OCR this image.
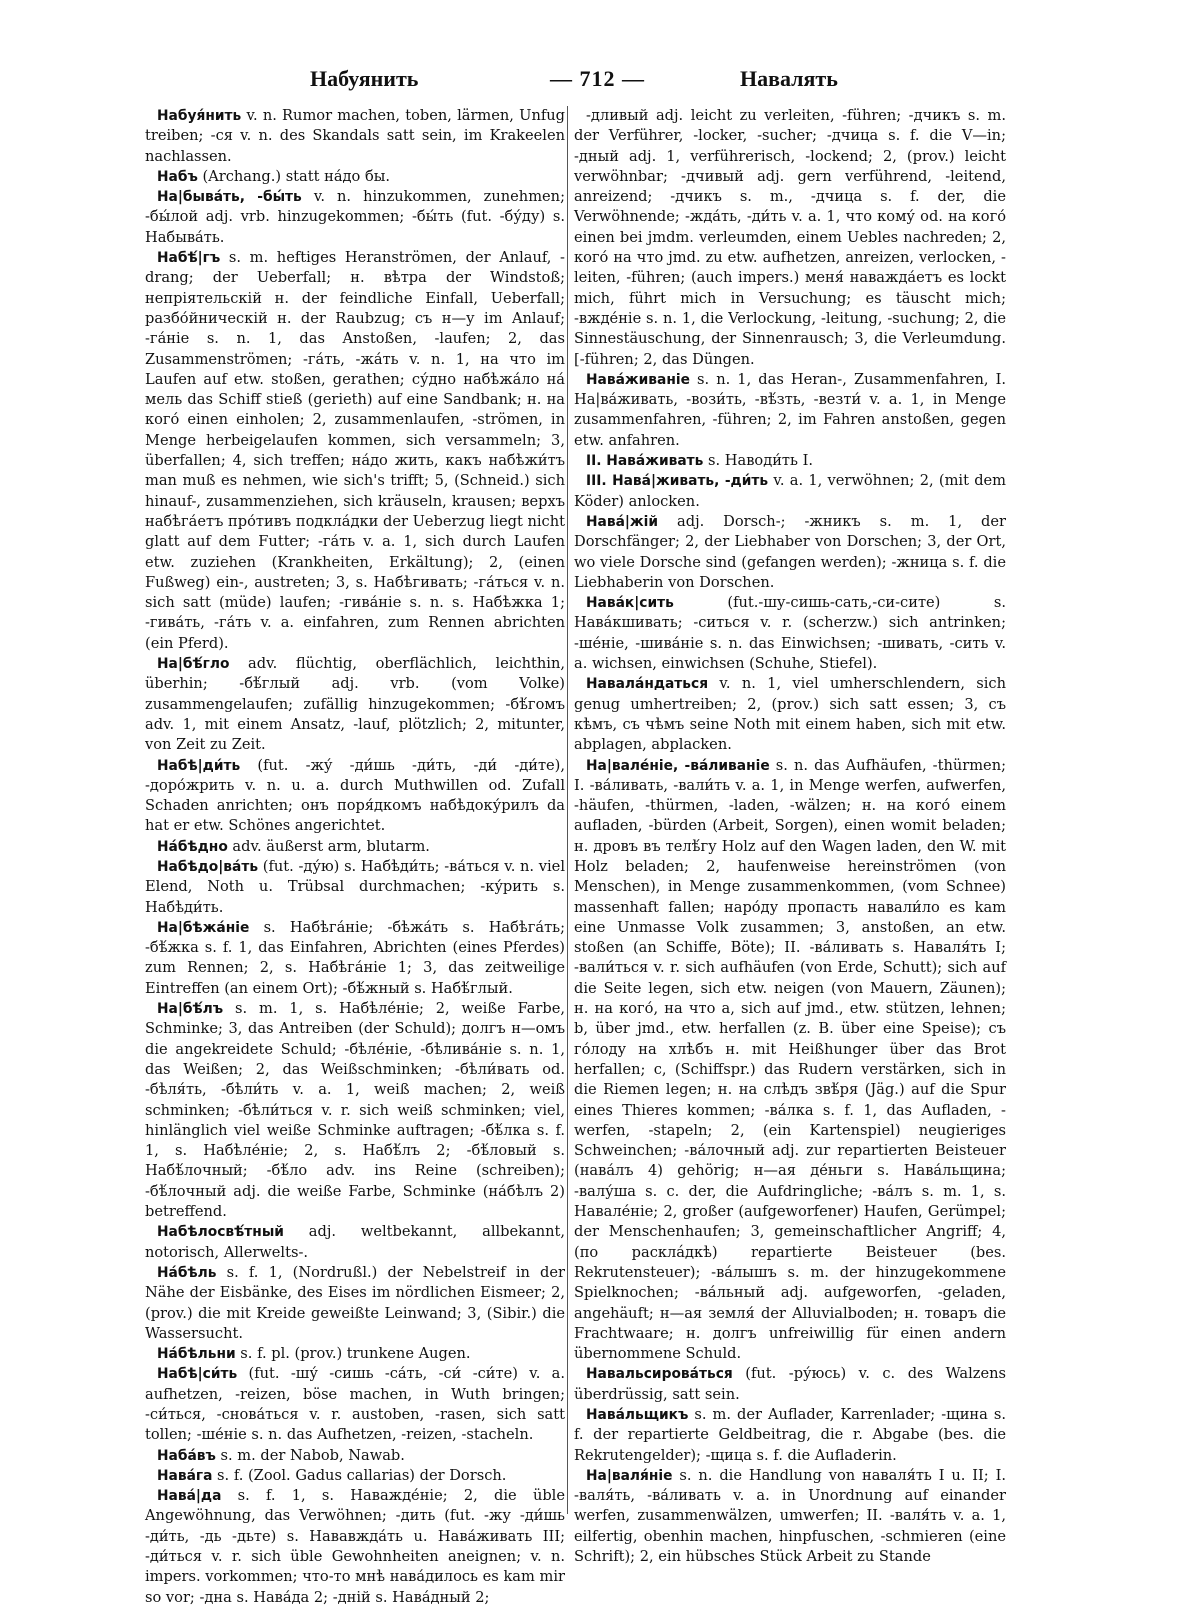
Набуянить	— 712 —	Навалять

Набуя́нить v. n. Rumor machen, toben, lärmen, Unfug treiben; -ся v. n. des Skandals satt sein, im Krakeelen nachlassen.

Набъ (Archang.) statt на́до бы.

На|быва́ть, -бы́ть v. n. hinzukommen, zunehmen; -бы́лой adj. vrb. hinzugekommen; -бы́ть (fut. -бу́ду) s. Набыва́ть.

Набѣ́|гъ s. m. heftiges Heranströmen, der Anlauf, -drang; der Ueberfall; н. вѣтра der Windstoß; непріятельскій н. der feindliche Einfall, Ueberfall; разбо́йническій н. der Raubzug; съ н—у im Anlauf; -га́ніе s. n. 1, das Anstoßen, -laufen; 2, das Zusammenströmen; -га́ть, -жа́ть v. n. 1, на что im Laufen auf etw. stoßen, gerathen; су́дно набѣжа́ло на́ мель das Schiff stieß (gerieth) auf eine Sandbank; н. на кого́ einen einholen; 2, zusammenlaufen, -strömen, in Menge herbeigelaufen kommen, sich versammeln; 3, überfallen; 4, sich treffen; на́до жить, какъ набѣжи́тъ man muß es nehmen, wie sich's trifft; 5, (Schneid.) sich hinauf-, zusammenziehen, sich kräuseln, krausen; верхъ набѣга́етъ про́тивъ подкла́дки der Ueberzug liegt nicht glatt auf dem Futter; -га́ть v. a. 1, sich durch Laufen etw. zuziehen (Krankheiten, Erkältung); 2, (einen Fußweg) ein-, austreten; 3, s. Набѣгивать; -га́ться v. n. sich satt (müde) laufen; -гива́ніе s. n. s. Набѣжка 1; -гива́ть, -га́ть v. a. einfahren, zum Rennen abrichten (ein Pferd).

На|бѣ́гло adv. flüchtig, oberflächlich, leichthin, überhin; -бѣ́глый adj. vrb. (vom Volke) zusammengelaufen; zufällig hinzugekommen; -бѣ́гомъ adv. 1, mit einem Ansatz, -lauf, plötzlich; 2, mitunter, von Zeit zu Zeit.

Набѣ|ди́ть (fut. -жу́ -ди́шь -ди́ть, -ди́ -ди́те), -доро́жрить v. n. u. a. durch Muthwillen od. Zufall Schaden anrichten; онъ поря́дкомъ набѣдоку́рилъ da hat er etw. Schönes angerichtet.

На́бѣдно adv. äußerst arm, blutarm.

Набѣдо|ва́ть (fut. -ду́ю) s. Набѣди́ть; -ва́ться v. n. viel Elend, Noth u. Trübsal durchmachen; -ку́рить s. Набѣди́ть.

На|бѣжа́ніе s. Набѣга́ніе; -бѣжа́ть s. Набѣга́ть; -бѣ́жка s. f. 1, das Einfahren, Abrichten (eines Pferdes) zum Rennen; 2, s. Набѣга́ніе 1; 3, das zeitweilige Eintreffen (an einem Ort); -бѣ́жный s. Набѣ́глый.

На|бѣ́лъ s. m. 1, s. Набѣле́ніе; 2, weiße Farbe, Schminke; 3, das Antreiben (der Schuld); долгъ н—омъ die angekreidete Schuld; -бѣле́ніе, -бѣлива́ніе s. n. 1, das Weißen; 2, das Weißschminken; -бѣли́вать od. -бѣля́ть, -бѣли́ть v. a. 1, weiß machen; 2, weiß schminken; -бѣли́ться v. r. sich weiß schminken; viel, hinlänglich viel weiße Schminke auftragen; -бѣ́лка s. f. 1, s. Набѣле́ніе; 2, s. Набѣ́лъ 2; -бѣ́ловый s. Набѣ́лочный; -бѣ́ло adv. ins Reine (schreiben); -бѣ́лочный adj. die weiße Farbe, Schminke (на́бѣлъ 2) betreffend.

Набѣлосвѣ́тный adj. weltbekannt, allbekannt, notorisch, Allerwelts-.

На́бѣль s. f. 1, (Nordrußl.) der Nebelstreif in der Nähe der Eisbänke, des Eises im nördlichen Eismeer; 2, (prov.) die mit Kreide geweißte Leinwand; 3, (Sibir.) die Wassersucht.

На́бѣльни s. f. pl. (prov.) trunkene Augen.

Набѣ|си́ть (fut. -шу́ -сишь -са́ть, -си́ -си́те) v. a. aufhetzen, -reizen, böse machen, in Wuth bringen; -си́ться, -снова́ться v. r. austoben, -rasen, sich satt tollen; -ше́ніе s. n. das Aufhetzen, -reizen, -stacheln.

Наба́въ s. m. der Nabob, Nawab.

Нава́га s. f. (Zool. Gadus callarias) der Dorsch.

Нава́|да s. f. 1, s. Наважде́ніе; 2, die üble Angewöhnung, das Verwöhnen; -дить (fut. -жу -ди́шь -ди́ть, -дь -дьте) s. Нававжда́ть u. Нава́живать III; -ди́ться v. r. sich üble Gewohnheiten aneignen; v. n. impers. vorkommen; что-то мнѣ нава́дилось es kam mir so vor; -дна s. Нава́да 2; -дній s. Нава́дный 2;

-дливый adj. leicht zu verleiten, -führen; -дчикъ s. m. der Verführer, -locker, -sucher; -дчица s. f. die V—in; -дный adj. 1, verführerisch, -lockend; 2, (prov.) leicht verwöhnbar; -дчивый adj. gern verführend, -leitend, anreizend; -дчикъ s. m., -дчица s. f. der, die Verwöhnende; -жда́ть, -ди́ть v. a. 1, что кому́ od. на кого́ einen bei jmdm. verleumden, einem Uebles nachreden; 2, кого́ на что jmd. zu etw. aufhetzen, anreizen, verlocken, -leiten, -führen; (auch impers.) меня́ наважда́етъ es lockt mich, führt mich in Versuchung; es täuscht mich; -вжде́ніе s. n. 1, die Verlockung, -leitung, -suchung; 2, die Sinnestäuschung, der Sinnenrausch; 3, die Verleumdung. [-führen; 2, das Düngen.

Нава́живаніе s. n. 1, das Heran-, Zusammenfahren, I. На|ва́живать, -вози́ть, -вѣ́зть, -везти́ v. a. 1, in Menge zusammenfahren, -führen; 2, im Fahren anstoßen, gegen etw. anfahren.

II. Нава́живать s. Наводи́ть I.

III. Нава́|живать, -ди́ть v. a. 1, verwöhnen; 2, (mit dem Köder) anlocken.

Нава́|жій adj. Dorsch-; -жникъ s. m. 1, der Dorschfänger; 2, der Liebhaber von Dorschen; 3, der Ort, wo viele Dorsche sind (gefangen werden); -жница s. f. die Liebhaberin von Dorschen.

Нава́к|сить (fut.-шу-сишь-сать,-си-сите) s. Нава́кшивать; -ситься v. r. (scherzw.) sich antrinken; -ше́ніе, -шива́ніе s. n. das Einwichsen; -шивать, -сить v. a. wichsen, einwichsen (Schuhe, Stiefel).

Навала́ндаться v. n. 1, viel umherschlendern, sich genug umhertreiben; 2, (prov.) sich satt essen; 3, съ кѣмъ, съ чѣмъ seine Noth mit einem haben, sich mit etw. abplagen, abplacken.

На|вале́ніе, -ва́ливаніе s. n. das Aufhäufen, -thürmen; I. -ва́ливать, -вали́ть v. a. 1, in Menge werfen, aufwerfen, -häufen, -thürmen, -laden, -wälzen; н. на кого́ einem aufladen, -bürden (Arbeit, Sorgen), einen womit beladen; н. дровъ въ телѣ́гу Holz auf den Wagen laden, den W. mit Holz beladen; 2, haufenweise hereinströmen (von Menschen), in Menge zusammenkommen, (vom Schnee) massenhaft fallen; наро́ду пропасть навали́ло es kam eine Unmasse Volk zusammen; 3, anstoßen, an etw. stoßen (an Schiffe, Böte); II. -ва́ливать s. Наваля́ть I; -вали́ться v. r. sich aufhäufen (von Erde, Schutt); sich auf die Seite legen, sich etw. neigen (von Mauern, Zäunen); н. на кого́, на что a, sich auf jmd., etw. stützen, lehnen; b, über jmd., etw. herfallen (z. B. über eine Speise); съ го́лоду на хлѣбъ н. mit Heißhunger über das Brot herfallen; c, (Schiffspr.) das Rudern verstärken, sich in die Riemen legen; н. на слѣдъ звѣ́ря (Jäg.) auf die Spur eines Thieres kommen; -ва́лка s. f. 1, das Aufladen, -werfen, -stapeln; 2, (ein Kartenspiel) neugieriges Schweinchen; -ва́лочный adj. zur repartierten Beisteuer (нава́лъ 4) gehörig; н—ая де́ньги s. Нава́льщина; -валу́ша s. c. der, die Aufdringliche; -ва́лъ s. m. 1, s. Навале́ніе; 2, großer (aufgeworfener) Haufen, Gerümpel; der Menschenhaufen; 3, gemeinschaftlicher Angriff; 4, (по расклáдкѣ) repartierte Beisteuer (bes. Rekrutensteuer); -ва́лышъ s. m. der hinzugekommene Spielknochen; -ва́льный adj. aufgeworfen, -geladen, angehäuft; н—ая земля́ der Alluvialboden; н. товаръ die Frachtwaare; н. долгъ unfreiwillig für einen andern übernommene Schuld.

Навальсирова́ться (fut. -ру́юсь) v. c. des Walzens überdrüssig, satt sein.

Нава́льщикъ s. m. der Auflader, Karrenlader; -щина s. f. der repartierte Geldbeitrag, die r. Abgabe (bes. die Rekrutengelder); -щица s. f. die Aufladerin.

На|валя́ніе s. n. die Handlung von наваля́ть I u. II; I. -валя́ть, -ва́ливать v. a. in Unordnung auf einander werfen, zusammenwälzen, umwerfen; II. -валя́ть v. a. 1, eilfertig, obenhin machen, hinpfuschen, -schmieren (eine Schrift); 2, ein hübsches Stück Arbeit zu Stande
